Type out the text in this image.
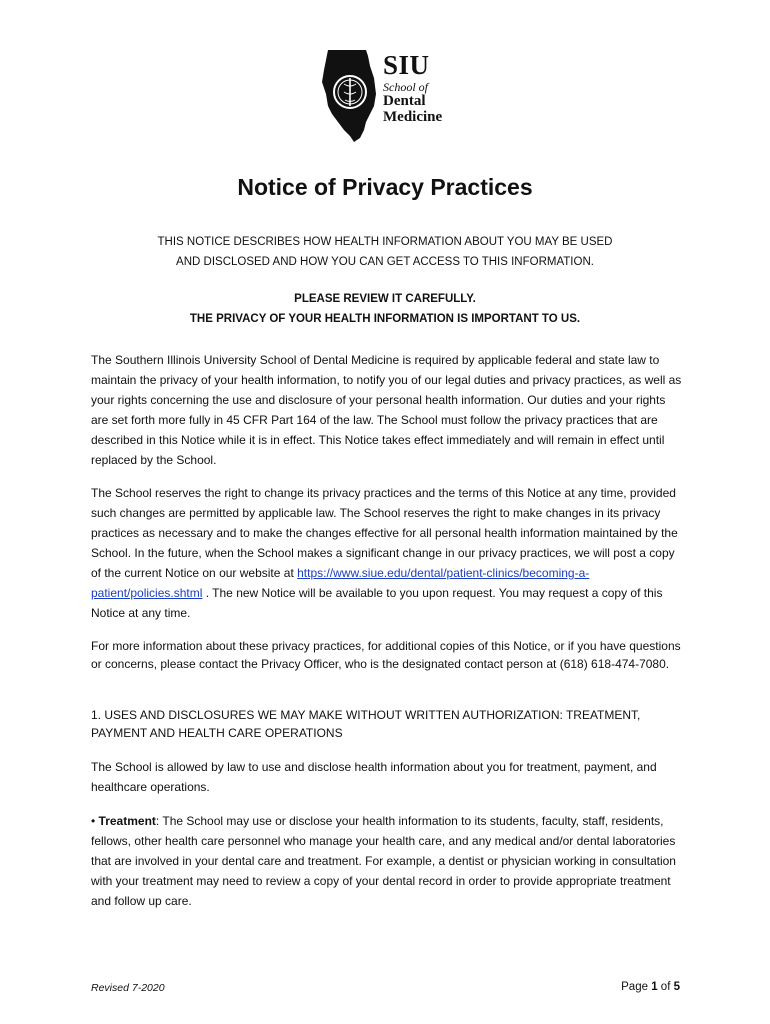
SIU
School of
Dental
Medicine
Notice of Privacy Practices
THIS NOTICE DESCRIBES HOW HEALTH INFORMATION ABOUT YOU MAY BE USED
AND DISCLOSED AND HOW YOU CAN GET ACCESS TO THIS INFORMATION.
PLEASE REVIEW IT CAREFULLY.
THE PRIVACY OF YOUR HEALTH INFORMATION IS IMPORTANT TO US.
The Southern Illinois University School of Dental Medicine is required by applicable federal and state law to maintain the privacy of your health information, to notify you of our legal duties and privacy practices, as well as your rights concerning the use and disclosure of your personal health information. Our duties and your rights are set forth more fully in 45 CFR Part 164 of the law. The School must follow the privacy practices that are described in this Notice while it is in effect. This Notice takes effect immediately and will remain in effect until replaced by the School.
The School reserves the right to change its privacy practices and the terms of this Notice at any time, provided such changes are permitted by applicable law. The School reserves the right to make changes in its privacy practices as necessary and to make the changes effective for all personal health information maintained by the School. In the future, when the School makes a significant change in our privacy practices, we will post a copy of the current Notice on our website at https://www.siue.edu/dental/patient-clinics/becoming-a-patient/policies.shtml . The new Notice will be available to you upon request. You may request a copy of this Notice at any time.
For more information about these privacy practices, for additional copies of this Notice, or if you have questions or concerns, please contact the Privacy Officer, who is the designated contact person at (618) 618-474-7080.
1. USES AND DISCLOSURES WE MAY MAKE WITHOUT WRITTEN AUTHORIZATION: TREATMENT, PAYMENT AND HEALTH CARE OPERATIONS
The School is allowed by law to use and disclose health information about you for treatment, payment, and healthcare operations.
• Treatment: The School may use or disclose your health information to its students, faculty, staff, residents, fellows, other health care personnel who manage your health care, and any medical and/or dental laboratories that are involved in your dental care and treatment. For example, a dentist or physician working in consultation with your treatment may need to review a copy of your dental record in order to provide appropriate treatment and follow up care.
Revised 7-2020	Page 1 of 5
